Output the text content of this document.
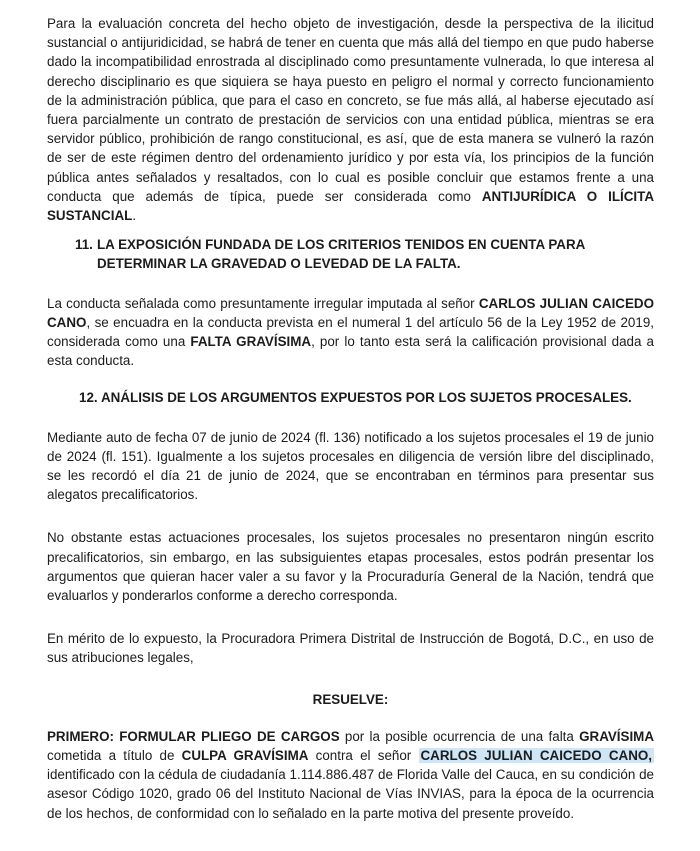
Para la evaluación concreta del hecho objeto de investigación, desde la perspectiva de la ilicitud sustancial o antijuridicidad, se habrá de tener en cuenta que más allá del tiempo en que pudo haberse dado la incompatibilidad enrostrada al disciplinado como presuntamente vulnerada, lo que interesa al derecho disciplinario es que siquiera se haya puesto en peligro el normal y correcto funcionamiento de la administración pública, que para el caso en concreto, se fue más allá, al haberse ejecutado así fuera parcialmente un contrato de prestación de servicios con una entidad pública, mientras se era servidor público, prohibición de rango constitucional, es así, que de esta manera se vulneró la razón de ser de este régimen dentro del ordenamiento jurídico y por esta vía, los principios de la función pública antes señalados y resaltados, con lo cual es posible concluir que estamos frente a una conducta que además de típica, puede ser considerada como ANTIJURÍDICA O ILÍCITA SUSTANCIAL.

11. LA EXPOSICIÓN FUNDADA DE LOS CRITERIOS TENIDOS EN CUENTA PARA DETERMINAR LA GRAVEDAD O LEVEDAD DE LA FALTA.

La conducta señalada como presuntamente irregular imputada al señor CARLOS JULIAN CAICEDO CANO, se encuadra en la conducta prevista en el numeral 1 del artículo 56 de la Ley 1952 de 2019, considerada como una FALTA GRAVÍSIMA, por lo tanto esta será la calificación provisional dada a esta conducta.

12. ANÁLISIS DE LOS ARGUMENTOS EXPUESTOS POR LOS SUJETOS PROCESALES.

Mediante auto de fecha 07 de junio de 2024 (fl. 136) notificado a los sujetos procesales el 19 de junio de 2024 (fl. 151). Igualmente a los sujetos procesales en diligencia de versión libre del disciplinado, se les recordó el día 21 de junio de 2024, que se encontraban en términos para presentar sus alegatos precalificatorios.

No obstante estas actuaciones procesales, los sujetos procesales no presentaron ningún escrito precalificatorios, sin embargo, en las subsiguientes etapas procesales, estos podrán presentar los argumentos que quieran hacer valer a su favor y la Procuraduría General de la Nación, tendrá que evaluarlos y ponderarlos conforme a derecho corresponda.

En mérito de lo expuesto, la Procuradora Primera Distrital de Instrucción de Bogotá, D.C., en uso de sus atribuciones legales,

RESUELVE:

PRIMERO: FORMULAR PLIEGO DE CARGOS por la posible ocurrencia de una falta GRAVÍSIMA cometida a título de CULPA GRAVÍSIMA contra el señor CARLOS JULIAN CAICEDO CANO, identificado con la cédula de ciudadanía 1.114.886.487 de Florida Valle del Cauca, en su condición de asesor Código 1020, grado 06 del Instituto Nacional de Vías INVIAS, para la época de la ocurrencia de los hechos, de conformidad con lo señalado en la parte motiva del presente proveído.
